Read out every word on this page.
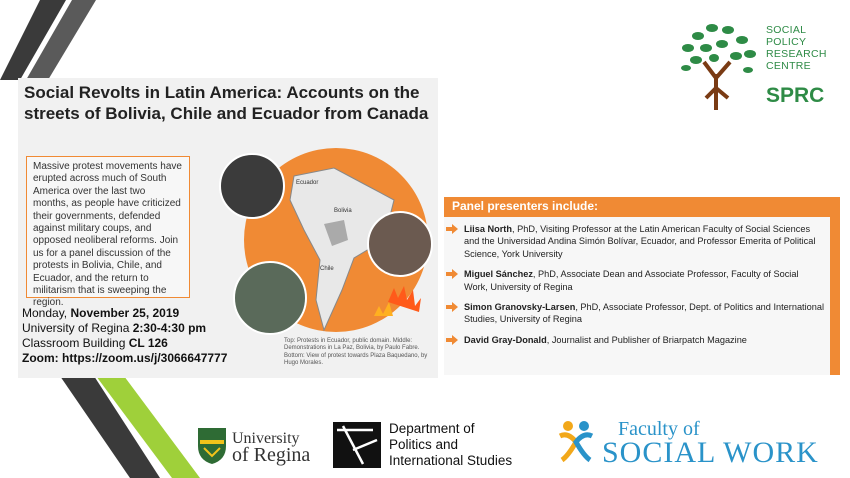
SOCIAL
POLICY
RESEARCH
CENTRE
SPRC
Social Revolts in Latin America: Accounts on the streets of Bolivia, Chile and Ecuador from Canada
Ecuador
Bolivia
Chile
Massive protest movements have erupted across much of South America over the last two months, as people have criticized their governments, defended against military coups, and opposed neoliberal reforms. Join us for a panel discussion of the protests in Bolivia, Chile, and Ecuador, and the return to militarism that is sweeping the region.
Monday, November 25, 2019
University of Regina 2:30-4:30 pm
Classroom Building CL 126
Zoom: https://zoom.us/j/3066647777
Top: Protests in Ecuador, public domain. Middle: Demonstrations in La Paz, Bolivia, by Paulo Fabre. Bottom: View of protest towards Plaza Baquedano, by Hugo Morales.
Panel presenters include:
Liisa North, PhD, Visiting Professor at the Latin American Faculty of Social Sciences and the Universidad Andina Simón Bolívar, Ecuador, and Professor Emerita of Political Science, York University
Miguel Sánchez, PhD, Associate Dean and Associate Professor, Faculty of Social Work, University of Regina
Simon Granovsky-Larsen, PhD, Associate Professor, Dept. of Politics and International Studies, University of Regina
David Gray-Donald, Journalist and Publisher of Briarpatch Magazine
University
of Regina
Department of
Politics and
International Studies
Faculty of
SOCIAL WORK
